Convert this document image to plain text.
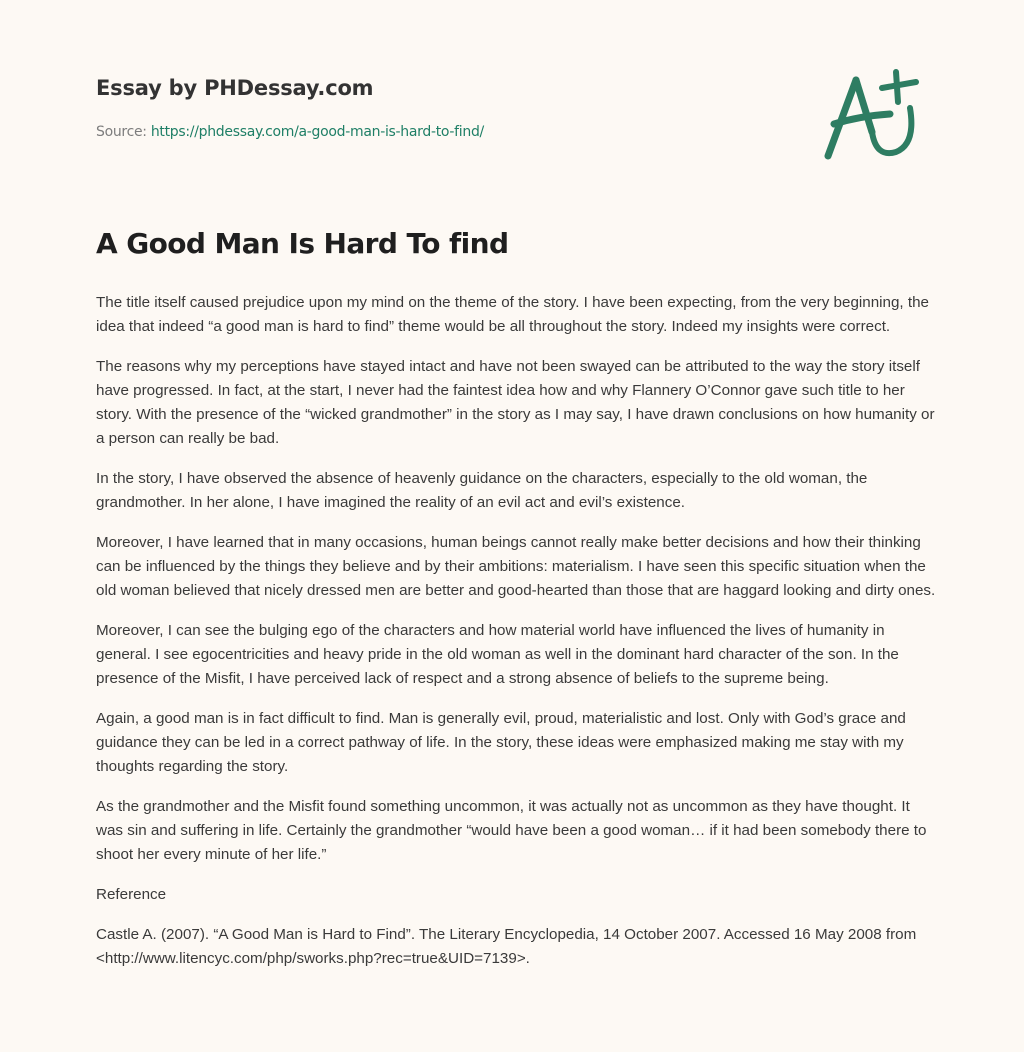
Essay by PHDessay.com
Source: https://phdessay.com/a-good-man-is-hard-to-find/
A Good Man Is Hard To find

The title itself caused prejudice upon my mind on the theme of the story. I have been expecting, from the very beginning, the idea that indeed “a good man is hard to find” theme would be all throughout the story. Indeed my insights were correct.

The reasons why my perceptions have stayed intact and have not been swayed can be attributed to the way the story itself have progressed. In fact, at the start, I never had the faintest idea how and why Flannery O’Connor gave such title to her story. With the presence of the “wicked grandmother” in the story as I may say, I have drawn conclusions on how humanity or a person can really be bad.

In the story, I have observed the absence of heavenly guidance on the characters, especially to the old woman, the grandmother. In her alone, I have imagined the reality of an evil act and evil’s existence.

Moreover, I have learned that in many occasions, human beings cannot really make better decisions and how their thinking can be influenced by the things they believe and by their ambitions: materialism. I have seen this specific situation when the old woman believed that nicely dressed men are better and good-hearted than those that are haggard looking and dirty ones.

Moreover, I can see the bulging ego of the characters and how material world have influenced the lives of humanity in general. I see egocentricities and heavy pride in the old woman as well in the dominant hard character of the son. In the presence of the Misfit, I have perceived lack of respect and a strong absence of beliefs to the supreme being.

Again, a good man is in fact difficult to find. Man is generally evil, proud, materialistic and lost. Only with God’s grace and guidance they can be led in a correct pathway of life. In the story, these ideas were emphasized making me stay with my thoughts regarding the story.

As the grandmother and the Misfit found something uncommon, it was actually not as uncommon as they have thought. It was sin and suffering in life. Certainly the grandmother “would have been a good woman… if it had been somebody there to shoot her every minute of her life.”

Reference

Castle A. (2007). “A Good Man is Hard to Find”. The Literary Encyclopedia, 14 October 2007. Accessed 16 May 2008 from <http://www.litencyc.com/php/sworks.php?rec=true&UID=7139>.
